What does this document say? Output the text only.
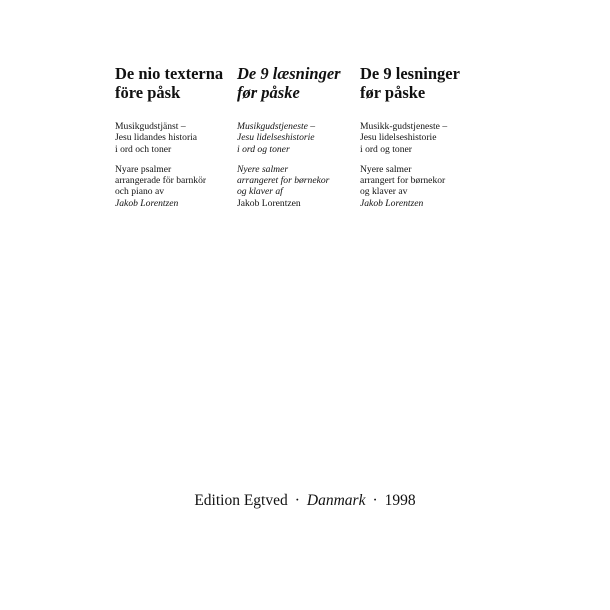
De nio texterna
före påsk
Musikgudstjänst –
Jesu lidandes historia
i ord och toner
Nyare psalmer
arrangerade för barnkör
och piano av
Jakob Lorentzen
De 9 læsninger
før påske
Musikgudstjeneste –
Jesu lidelseshistorie
i ord og toner
Nyere salmer
arrangeret for børnekor
og klaver af
Jakob Lorentzen
De 9 lesninger
før påske
Musikk-gudstjeneste –
Jesu lidelseshistorie
i ord og toner
Nyere salmer
arrangert for børnekor
og klaver av
Jakob Lorentzen
Edition Egtved · Danmark · 1998
